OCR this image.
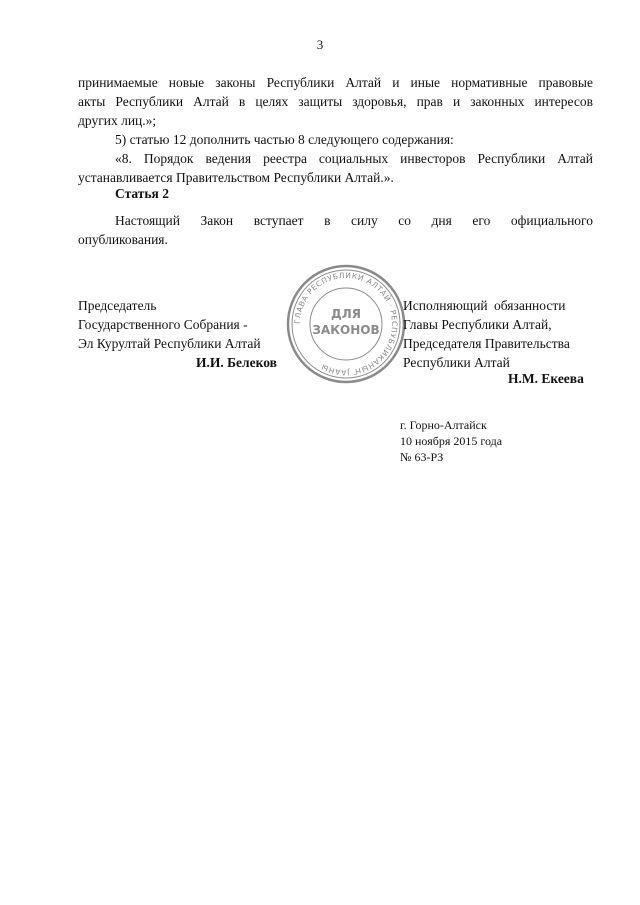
3
принимаемые новые законы Республики Алтай и иные нормативные правовые
акты Республики Алтай в целях защиты здоровья, прав и законных интересов
других лиц.»;
5) статью 12 дополнить частью 8 следующего содержания:
«8. Порядок ведения реестра социальных инвесторов Республики Алтай
устанавливается Правительством Республики Алтай.».
Статья 2
Настоящий Закон вступает в силу со дня его официального
опубликования.
Председатель
Государственного Собрания -
Эл Курултай Республики Алтай
И.И. Белеков
ГЛАВА РЕСПУБЛИКИ АЛТАЙ · РЕСПУБЛИКАНЫҤ ЈААНЫ
ДЛЯ
ЗАКОНОВ
Исполняющий обязанности
Главы Республики Алтай,
Председателя Правительства
Республики Алтай
Н.М. Екеева
г. Горно-Алтайск
10 ноября 2015 года
№ 63-РЗ
